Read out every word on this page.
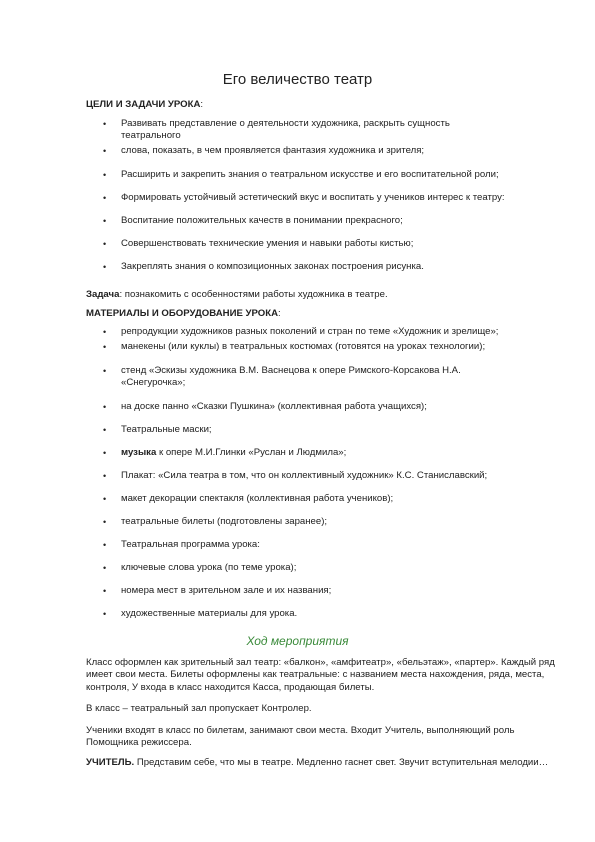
Его величество театр
ЦЕЛИ И ЗАДАЧИ УРОКА:
•	Развивать представление о деятельности художника, раскрыть сущность театрального
•	слова, показать, в чем проявляется фантазия художника и зрителя;
•	Расширить и закрепить знания о театральном искусстве и его воспитательной роли;
•	Формировать устойчивый эстетический вкус и воспитать у учеников интерес к театру:
•	Воспитание положительных качеств в понимании прекрасного;
•	Совершенствовать технические умения и навыки работы кистью;
•	Закреплять знания о композиционных законах построения рисунка.
Задача: познакомить с особенностями работы художника в театре.
МАТЕРИАЛЫ И ОБОРУДОВАНИЕ УРОКА:
•	репродукции художников разных поколений и стран по теме «Художник и зрелище»;
•	манекены (или куклы) в театральных костюмах (готовятся на уроках технологии);
•	стенд «Эскизы художника В.М. Васнецова к опере Римского-Корсакова Н.А. «Снегурочка»;
•	на доске панно «Сказки Пушкина» (коллективная работа учащихся);
•	Театральные маски;
•	музыка к опере М.И.Глинки «Руслан и Людмила»;
•	Плакат: «Сила театра в том, что он коллективный художник» К.С. Станиславский;
•	макет декорации спектакля (коллективная работа учеников);
•	театральные билеты (подготовлены заранее);
•	Театральная программа урока:
•	ключевые слова урока (по теме урока);
•	номера мест в зрительном зале и их названия;
•	художественные материалы для урока.
Ход мероприятия
Класс оформлен как зрительный зал театр: «балкон», «амфитеатр», «бельэтаж», «партер». Каждый ряд имеет свои места. Билеты оформлены как театральные: с названием места нахождения, ряда, места, контроля, У входа в класс находится Касса, продающая билеты.
В класс – театральный зал пропускает Контролер.
Ученики входят в класс по билетам, занимают свои места. Входит Учитель, выполняющий роль Помощника режиссера.
УЧИТЕЛЬ. Представим себе, что мы в театре. Медленно гаснет свет. Звучит вступительная мелодии…
